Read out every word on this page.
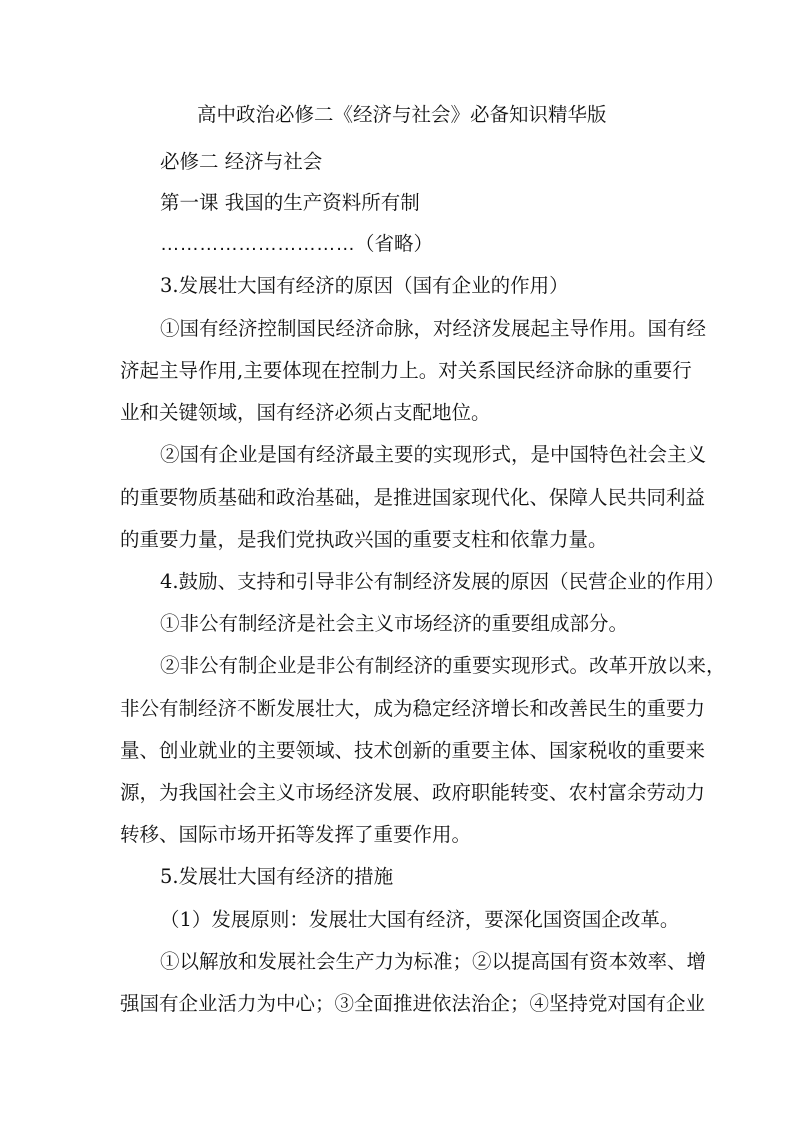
高中政治必修二《经济与社会》必备知识精华版
必修二 经济与社会
第一课 我国的生产资料所有制
…………………………（省略）
3.发展壮大国有经济的原因（国有企业的作用）
①国有经济控制国民经济命脉，对经济发展起主导作用。国有经
济起主导作用,主要体现在控制力上。对关系国民经济命脉的重要行
业和关键领域，国有经济必须占支配地位。
②国有企业是国有经济最主要的实现形式，是中国特色社会主义
的重要物质基础和政治基础，是推进国家现代化、保障人民共同利益
的重要力量，是我们党执政兴国的重要支柱和依靠力量。
4.鼓励、支持和引导非公有制经济发展的原因（民营企业的作用）
①非公有制经济是社会主义市场经济的重要组成部分。
②非公有制企业是非公有制经济的重要实现形式。改革开放以来，
非公有制经济不断发展壮大，成为稳定经济增长和改善民生的重要力
量、创业就业的主要领域、技术创新的重要主体、国家税收的重要来
源，为我国社会主义市场经济发展、政府职能转变、农村富余劳动力
转移、国际市场开拓等发挥了重要作用。
5.发展壮大国有经济的措施
（1）发展原则：发展壮大国有经济，要深化国资国企改革。
①以解放和发展社会生产力为标准；②以提高国有资本效率、增
强国有企业活力为中心；③全面推进依法治企；④坚持党对国有企业
